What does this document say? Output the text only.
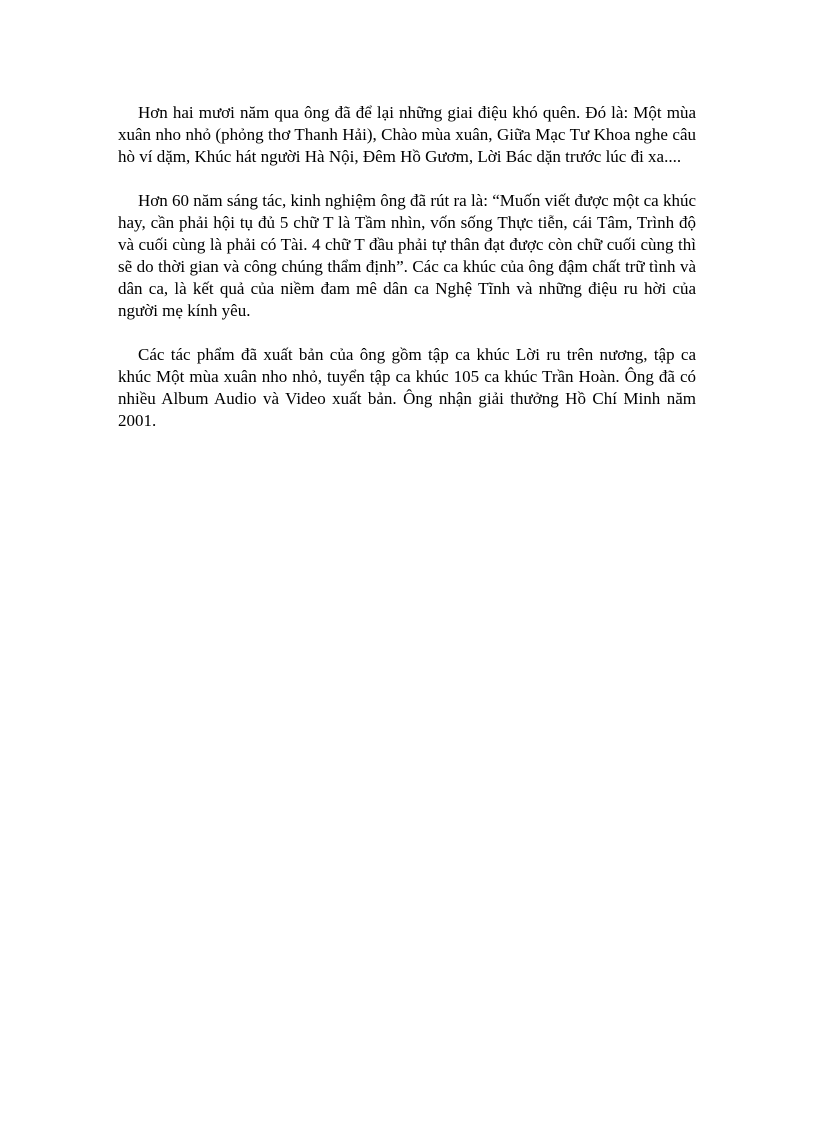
Hơn hai mươi năm qua ông đã để lại những giai điệu khó quên. Đó là: Một mùa xuân nho nhỏ (phỏng thơ Thanh Hải), Chào mùa xuân, Giữa Mạc Tư Khoa nghe câu hò ví dặm, Khúc hát người Hà Nội, Đêm Hồ Gươm, Lời Bác dặn trước lúc đi xa....

Hơn 60 năm sáng tác, kinh nghiệm ông đã rút ra là: “Muốn viết được một ca khúc hay, cần phải hội tụ đủ 5 chữ T là Tầm nhìn, vốn sống Thực tiễn, cái Tâm, Trình độ và cuối cùng là phải có Tài. 4 chữ T đầu phải tự thân đạt được còn chữ cuối cùng thì sẽ do thời gian và công chúng thẩm định”. Các ca khúc của ông đậm chất trữ tình và dân ca, là kết quả của niềm đam mê dân ca Nghệ Tĩnh và những điệu ru hời của người mẹ kính yêu.

Các tác phẩm đã xuất bản của ông gồm tập ca khúc Lời ru trên nương, tập ca khúc Một mùa xuân nho nhỏ, tuyển tập ca khúc 105 ca khúc Trần Hoàn. Ông đã có nhiều Album Audio và Video xuất bản. Ông nhận giải thưởng Hồ Chí Minh năm 2001.
